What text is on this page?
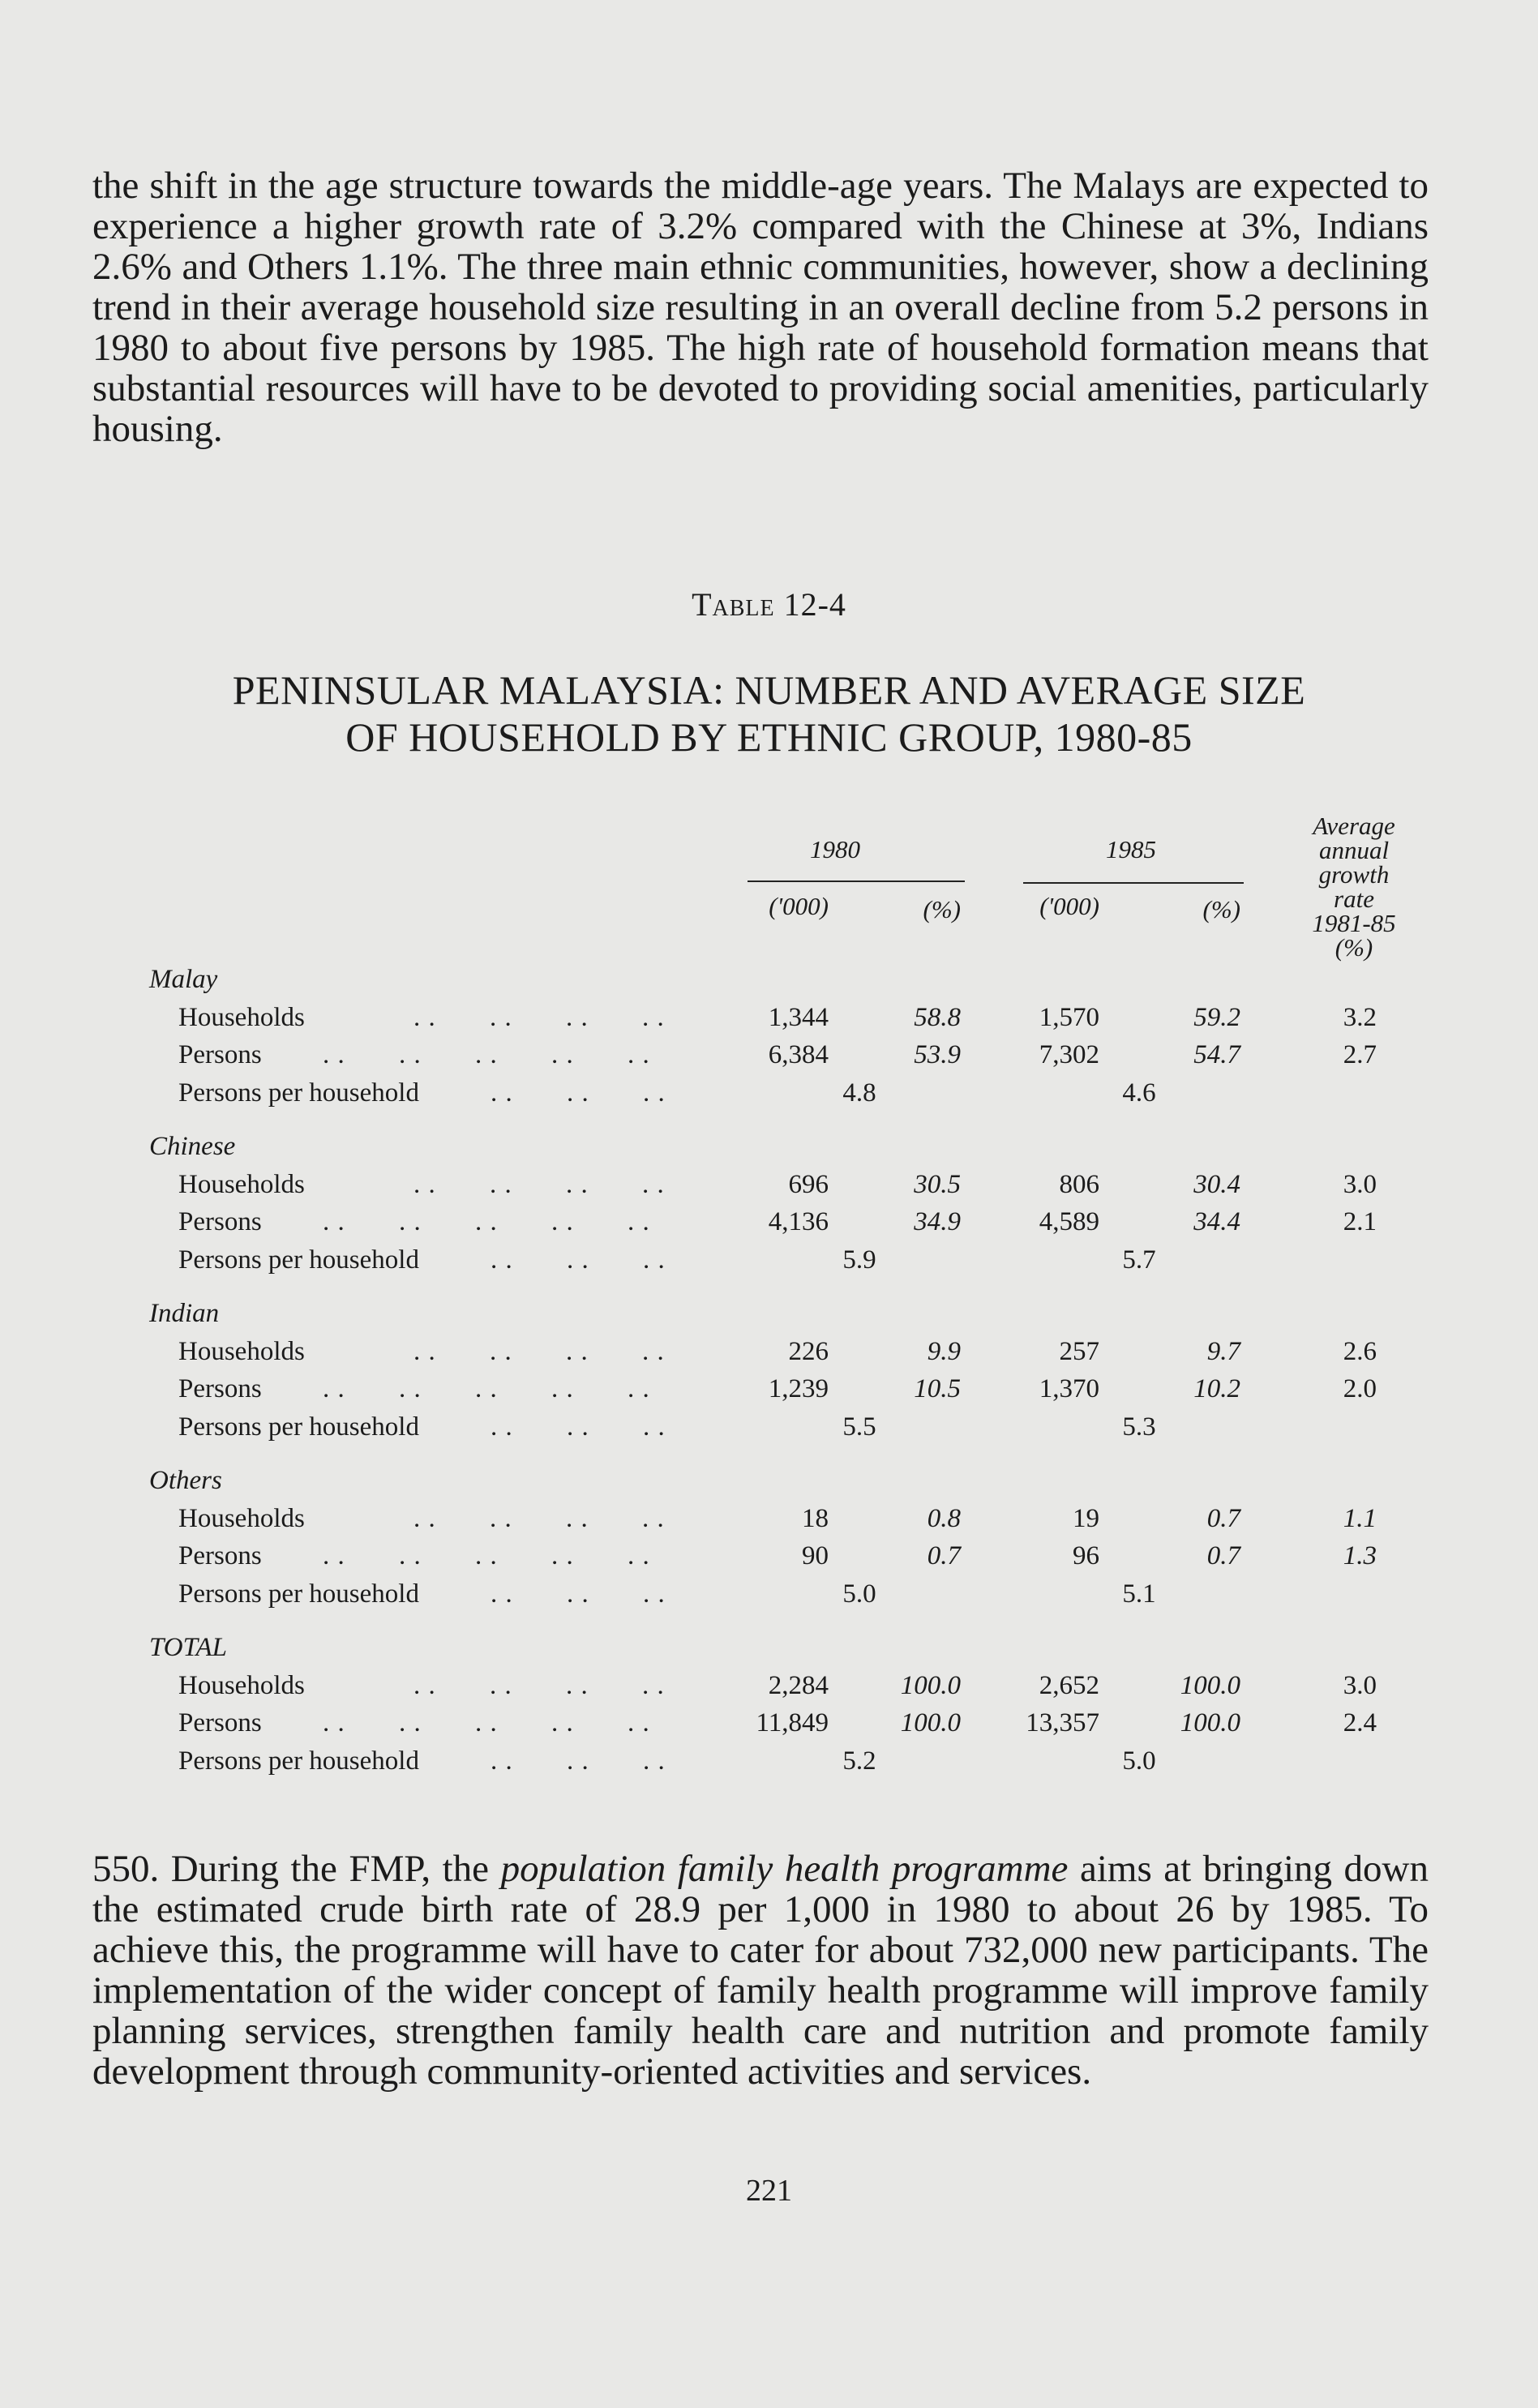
the shift in the age structure towards the middle-age years. The Malays are expected to experience a higher growth rate of 3.2% compared with the Chinese at 3%, Indians 2.6% and Others 1.1%. The three main ethnic communities, however, show a declining trend in their average household size resulting in an overall decline from 5.2 persons in 1980 to about five persons by 1985. The high rate of household formation means that substantial resources will have to be devoted to providing social amenities, particularly housing.

Table 12-4
PENINSULAR MALAYSIA: NUMBER AND AVERAGE SIZE
OF HOUSEHOLD BY ETHNIC GROUP, 1980-85
1980	1985
('000)	(%)	('000)	(%)
Average
annual
growth
rate
1981-85
(%)
Malay
Households	. . . . . . . .	1,344	58.8	1,570	59.2	3.2
Persons . . . . . . . . . .	6,384	53.9	7,302	54.7	2.7
Persons per household	. . . . . .	4.8	4.6
Chinese
Households	. . . . . . . .	696	30.5	806	30.4	3.0
Persons . . . . . . . . . .	4,136	34.9	4,589	34.4	2.1
Persons per household	. . . . . .	5.9	5.7
Indian
Households	. . . . . . . .	226	9.9	257	9.7	2.6
Persons . . . . . . . . . .	1,239	10.5	1,370	10.2	2.0
Persons per household	. . . . . .	5.5	5.3
Others
Households	. . . . . . . .	18	0.8	19	0.7	1.1
Persons . . . . . . . . . .	90	0.7	96	0.7	1.3
Persons per household	. . . . . .	5.0	5.1
TOTAL
Households	. . . . . . . .	2,284	100.0	2,652	100.0	3.0
Persons . . . . . . . . . .	11,849	100.0	13,357	100.0	2.4
Persons per household	. . . . . .	5.2	5.0

550. During the FMP, the population family health programme aims at bringing down the estimated crude birth rate of 28.9 per 1,000 in 1980 to about 26 by 1985. To achieve this, the programme will have to cater for about 732,000 new participants. The implementation of the wider concept of family health programme will improve family planning services, strengthen family health care and nutrition and promote family development through community-oriented activities and services.

221
